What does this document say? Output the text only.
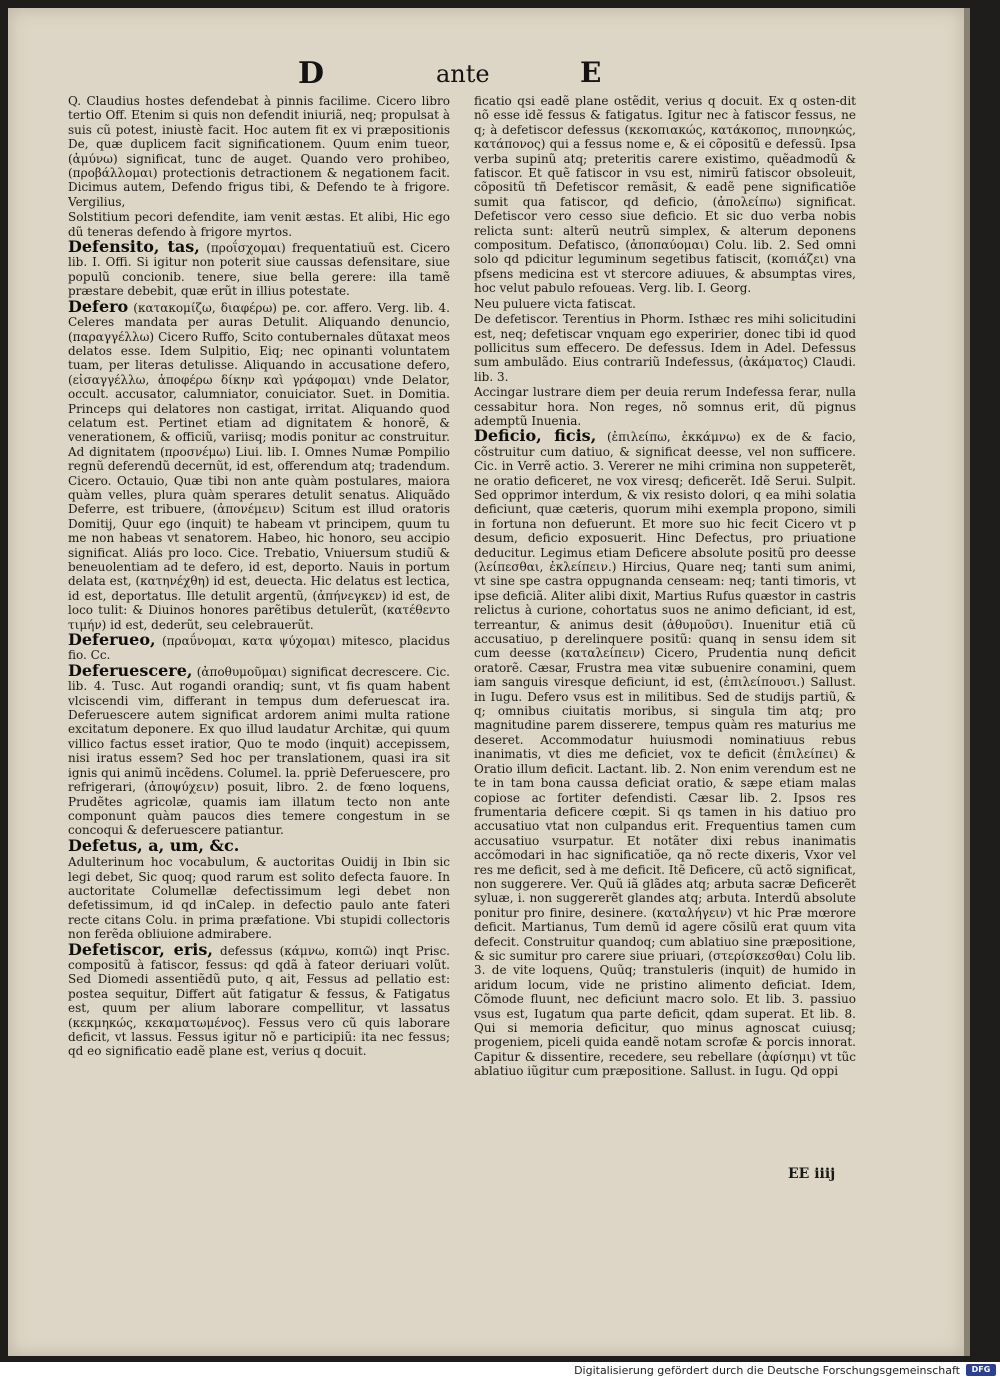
D	ante	E

Q. Claudius hostes defendebat à pinnis facilime. Cicero libro tertio Off. Etenim si quis non defendit iniuriã, neq; propulsat à suis cũ potest, iniustè facit. Hoc autem fit ex vi præpositionis De, quæ duplicem facit significationem. Quum enim tueor, (ἀμύνω) significat, tunc de auget. Quando vero prohibeo, (προβάλλομαι) protectionis detractionem & negationem facit. Dicimus autem, Defendo frigus tibi, & Defendo te à frigore. Vergilius,

Solstitium pecori defendite, iam venit æstas. Et alibi, Hic ego dũ teneras defendo à frigore myrtos.

Defensito, tas, (προΐσχομαι) frequentatiuũ est. Cicero lib. I. Offi. Si igitur non poterit siue caussas defensitare, siue populũ concionib. tenere, siue bella gerere: illa tamẽ præstare debebit, quæ erũt in illius potestate.

Defero (κατακομίζω, διαφέρω) pe. cor. affero. Verg. lib. 4. Celeres mandata per auras Detulit. Aliquando denuncio, (παραγγέλλω) Cicero Ruffo, Scito contubernales dũtaxat meos delatos esse. Idem Sulpitio, Eiq; nec opinanti voluntatem tuam, per literas detulisse. Aliquando in accusatione defero, (εἰσαγγέλλω, ἀποφέρω δίκην καὶ γράφομαι) vnde Delator, occult. accusator, calumniator, conuiciator. Suet. in Domitia. Princeps qui delatores non castigat, irritat. Aliquando quod celatum est. Pertinet etiam ad dignitatem & honorẽ, & venerationem, & officiũ, variisq; modis ponitur ac construitur. Ad dignitatem (προσνέμω) Liui. lib. I. Omnes Numæ Pompilio regnũ deferendũ decernũt, id est, offerendum atq; tradendum. Cicero. Octauio, Quæ tibi non ante quàm postulares, maiora quàm velles, plura quàm sperares detulit senatus. Aliquãdo Deferre, est tribuere, (ἀπονέμειν) Scitum est illud oratoris Domitij, Quur ego (inquit) te habeam vt principem, quum tu me non habeas vt senatorem. Habeo, hic honoro, seu accipio significat. Aliás pro loco. Cice. Trebatio, Vniuersum studiũ & beneuolentiam ad te defero, id est, deporto. Nauis in portum delata est, (κατηνέχθη) id est, deuecta. Hic delatus est lectica, id est, deportatus. Ille detulit argentũ, (ἀπήνεγκεν) id est, de loco tulit: & Diuinos honores parẽtibus detulerũt, (κατέθεντο τιμήν) id est, dederũt, seu celebrauerũt.

Deferueo, (πραΰνομαι, κατα ψύχομαι) mitesco, placidus fio. Cc.

Deferuescere, (ἀποθυμοῦμαι) significat decrescere. Cic. lib. 4. Tusc. Aut rogandi orandiq; sunt, vt fis quam habent vlciscendi vim, differant in tempus dum deferuescat ira. Deferuescere autem significat ardorem animi multa ratione excitatum deponere. Ex quo illud laudatur Architæ, qui quum villico factus esset iratior, Quo te modo (inquit) accepissem, nisi iratus essem? Sed hoc per translationem, quasi ira sit ignis qui animũ incẽdens. Columel. la. ppriè Deferuescere, pro refrigerari, (ἀποψύχειν) posuit, libro. 2. de fœno loquens, Prudẽtes agricolæ, quamis iam illatum tecto non ante componunt quàm paucos dies temere congestum in se concoqui & deferuescere patiantur.

Defetus, a, um, &c.

Adulterinum hoc vocabulum, & auctoritas Ouidij in Ibin sic legi debet, Sic quoq; quod rarum est solito defecta fauore. In auctoritate Columellæ defectissimum legi debet non defetissimum, id qd inCalep. in defectio paulo ante fateri recte citans Colu. in prima præfatione. Vbi stupidi collectoris non ferẽda obliuione admirabere.

Defetiscor, eris, defessus (κάμνω, κοπιῶ) inqt Prisc. compositũ à fatiscor, fessus: qd qdã à fateor deriuari volũt. Sed Diomedi assentiẽdũ puto, q ait, Fessus ad pellatio est: postea sequitur, Differt aũt fatigatur & fessus, & Fatigatus est, quum per alium laborare compellitur, vt lassatus (κεκμηκώς, κεκαματωμένος). Fessus vero cũ quis laborare deficit, vt lassus. Fessus igitur nõ e participiũ: ita nec fessus; qd eo significatio eadẽ plane est, verius q docuit.

ficatio qsi eadẽ plane ostẽdit, verius q docuit. Ex q osten-dit nõ esse idẽ fessus & fatigatus. Igitur nec à fatiscor fessus, ne q; à defetiscor defessus (κεκοπιακώς, κατάκοπος, πιπονηκώς, κατάπονος) qui a fessus nome e, & ei cõpositũ e defessũ. Ipsa verba supinũ atq; preteritis carere existimo, quẽadmodũ & fatiscor. Et quẽ fatiscor in vsu est, nimirũ fatiscor obsoleuit, cõpositũ tñ Defetiscor remãsit, & eadẽ pene significatiõe sumit qua fatiscor, qd deficio, (ἀπολείπω) significat. Defetiscor vero cesso siue deficio. Et sic duo verba nobis relicta sunt: alterũ neutrũ simplex, & alterum deponens compositum. Defatisco, (ἀποπαύομαι) Colu. lib. 2. Sed omni solo qd pdicitur leguminum segetibus fatiscit, (κοπιάζει) vna pfsens medicina est vt stercore adiuues, & absumptas vires, hoc velut pabulo refoueas. Verg. lib. I. Georg.

Neu puluere victa fatiscat.

De defetiscor. Terentius in Phorm. Isthæc res mihi solicitudini est, neq; defetiscar vnquam ego experirier, donec tibi id quod pollicitus sum effecero. De defessus. Idem in Adel. Defessus sum ambulãdo. Eius contrariũ Indefessus, (ἀκάματος) Claudi. lib. 3.

Accingar lustrare diem per deuia rerum Indefessa ferar, nulla cessabitur hora. Non reges, nõ somnus erit, dũ pignus ademptũ Inuenia.

Deficio, ficis, (ἐπιλείπω, ἐκκάμνω) ex de & facio, cõstruitur cum datiuo, & significat deesse, vel non sufficere. Cic. in Verrẽ actio. 3. Vererer ne mihi crimina non suppeterẽt, ne oratio deficeret, ne vox viresq; deficerẽt. Idẽ Serui. Sulpit. Sed opprimor interdum, & vix resisto dolori, q ea mihi solatia deficiunt, quæ cæteris, quorum mihi exempla propono, simili in fortuna non defuerunt. Et more suo hic fecit Cicero vt p desum, deficio exposuerit. Hinc Defectus, pro priuatione deducitur. Legimus etiam Deficere absolute positũ pro deesse (λείπεσθαι, ἐκλείπειν.) Hircius, Quare neq; tanti sum animi, vt sine spe castra oppugnanda censeam: neq; tanti timoris, vt ipse deficiã. Aliter alibi dixit, Martius Rufus quæstor in castris relictus à curione, cohortatus suos ne animo deficiant, id est, terreantur, & animus desit (ἀθυμοῦσι). Inuenitur etiã cũ accusatiuo, p derelinquere positũ: quanq in sensu idem sit cum deesse (καταλείπειν) Cicero, Prudentia nunq deficit oratorẽ. Cæsar, Frustra mea vitæ subuenire conamini, quem iam sanguis viresque deficiunt, id est, (ἐπιλείπουσι.) Sallust. in Iugu. Defero vsus est in militibus. Sed de studijs partiũ, & q; omnibus ciuitatis moribus, si singula tim atq; pro magnitudine parem disserere, tempus quàm res maturius me deseret. Accommodatur huiusmodi nominatiuus rebus inanimatis, vt dies me deficiet, vox te deficit (ἐπιλείπει) & Oratio illum deficit. Lactant. lib. 2. Non enim verendum est ne te in tam bona caussa deficiat oratio, & sæpe etiam malas copiose ac fortiter defendisti. Cæsar lib. 2. Ipsos res frumentaria deficere cœpit. Si qs tamen in his datiuo pro accusatiuo vtat non culpandus erit. Frequentius tamen cum accusatiuo vsurpatur. Et notãter dixi rebus inanimatis accõmodari in hac significatiõe, qa nõ recte dixeris, Vxor vel res me deficit, sed à me deficit. Itẽ Deficere, cũ actõ significat, non suggerere. Ver. Quũ iã glãdes atq; arbuta sacræ Deficerẽt syluæ, i. non suggererẽt glandes atq; arbuta. Interdũ absolute ponitur pro finire, desinere. (καταλήγειν) vt hic Præ mœrore deficit. Martianus, Tum demũ id agere cõsilũ erat quum vita defecit. Construitur quandoq; cum ablatiuo sine præpositione, & sic sumitur pro carere siue priuari, (στερίσκεσθαι) Colu lib. 3. de vite loquens, Quũq; transtuleris (inquit) de humido in aridum locum, vide ne pristino alimento deficiat. Idem, Cõmode fluunt, nec deficiunt macro solo. Et lib. 3. passiuo vsus est, Iugatum qua parte deficit, qdam superat. Et lib. 8. Qui si memoria deficitur, quo minus agnoscat cuiusq; progeniem, piceli quida eandẽ notam scrofæ & porcis innorat. Capitur & dissentire, recedere, seu rebellare (ἀφίσημι) vt tũc ablatiuo iũgitur cum præpositione. Sallust. in Iugu. Qd oppi

EE iiij
Digitalisierung gefördert durch die Deutsche Forschungsgemeinschaft	DFG
